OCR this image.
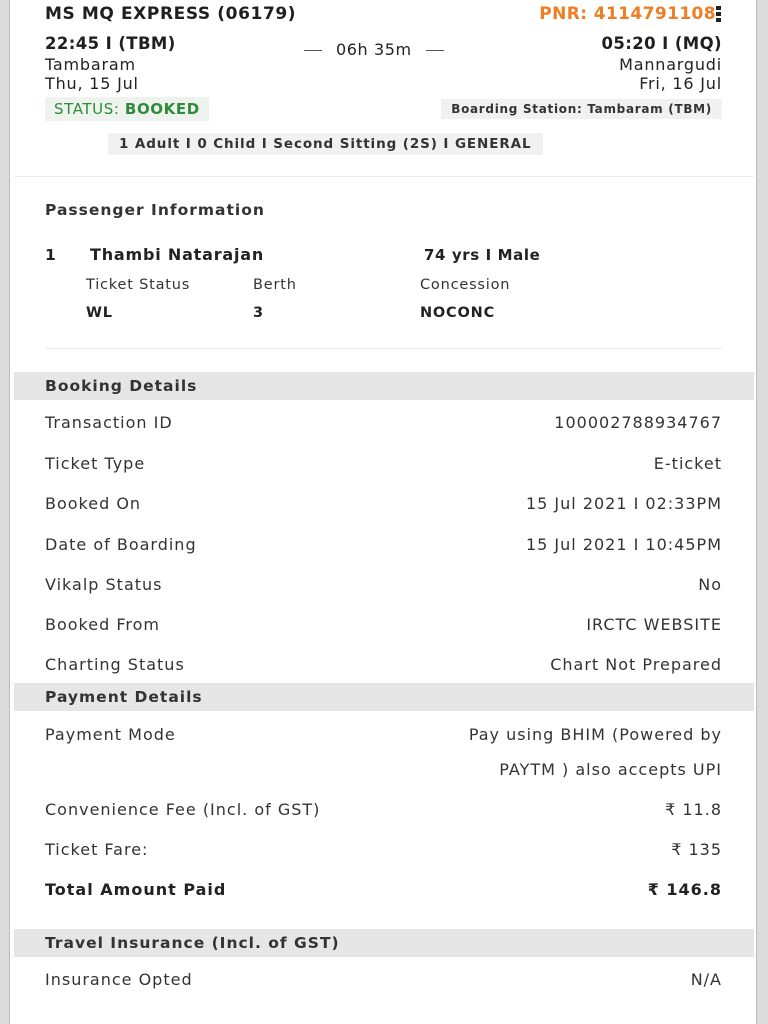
MS MQ EXPRESS (06179)	PNR: 4114791108
22:45 I (TBM)
Tambaram
Thu, 15 Jul
06h 35m	05:20 I (MQ)
Mannargudi
Fri, 16 Jul
STATUS: BOOKED	Boarding Station: Tambaram (TBM)
1 Adult I 0 Child I Second Sitting (2S) I GENERAL
Passenger Information
1 Thambi Natarajan	74 yrs I Male
Ticket Status	Berth	Concession
WL	3	NOCONC
Booking Details
Transaction ID	100002788934767
Ticket Type	E-ticket
Booked On	15 Jul 2021 I 02:33PM
Date of Boarding	15 Jul 2021 I 10:45PM
Vikalp Status	No
Booked From	IRCTC WEBSITE
Charting Status	Chart Not Prepared
Payment Details
Payment Mode	Pay using BHIM (Powered by
PAYTM ) also accepts UPI
Convenience Fee (Incl. of GST)	₹ 11.8
Ticket Fare:	₹ 135
Total Amount Paid	₹ 146.8
Travel Insurance (Incl. of GST)
Insurance Opted	N/A
